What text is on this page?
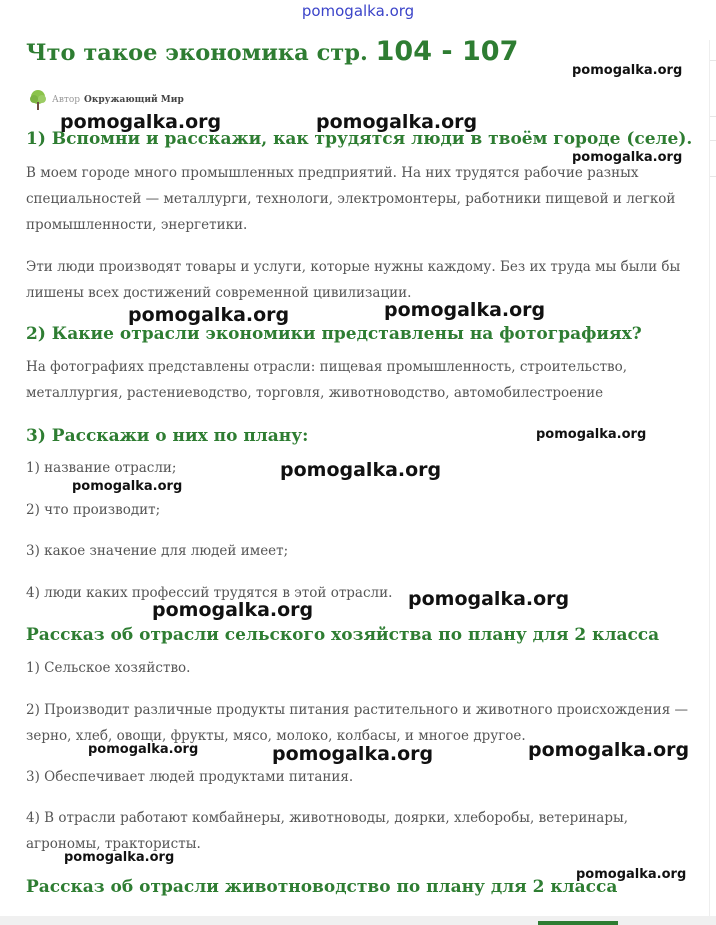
pomogalka.org
Что такое экономика стр. 104 - 107
Автор Окружающий Мир
1) Вспомни и расскажи, как трудятся люди в твоём городе (селе).

В моем городе много промышленных предприятий. На них трудятся рабочие разных специальностей — металлурги, технологи, электромонтеры, работники пищевой и легкой промышленности, энергетики.

Эти люди производят товары и услуги, которые нужны каждому. Без их труда мы были бы лишены всех достижений современной цивилизации.

2) Какие отрасли экономики представлены на фотографиях?

На фотографиях представлены отрасли: пищевая промышленность, строительство, металлургия, растениеводство, торговля, животноводство, автомобилестроение

3) Расскажи о них по плану:

1) название отрасли;

2) что производит;

3) какое значение для людей имеет;

4) люди каких профессий трудятся в этой отрасли.

Рассказ об отрасли сельского хозяйства по плану для 2 класса

1) Сельское хозяйство.

2) Производит различные продукты питания растительного и животного происхождения — зерно, хлеб, овощи, фрукты, мясо, молоко, колбасы, и многое другое.

3) Обеспечивает людей продуктами питания.

4) В отрасли работают комбайнеры, животноводы, доярки, хлеборобы, ветеринары, агрономы, трактористы.

Рассказ об отрасли животноводство по плану для 2 класса
pomogalka.org
pomogalka.org	pomogalka.org
pomogalka.org
pomogalka.org	pomogalka.org
pomogalka.org
pomogalka.org
pomogalka.org
pomogalka.org
pomogalka.org
pomogalka.org	pomogalka.org	pomogalka.org
pomogalka.org
pomogalka.org
